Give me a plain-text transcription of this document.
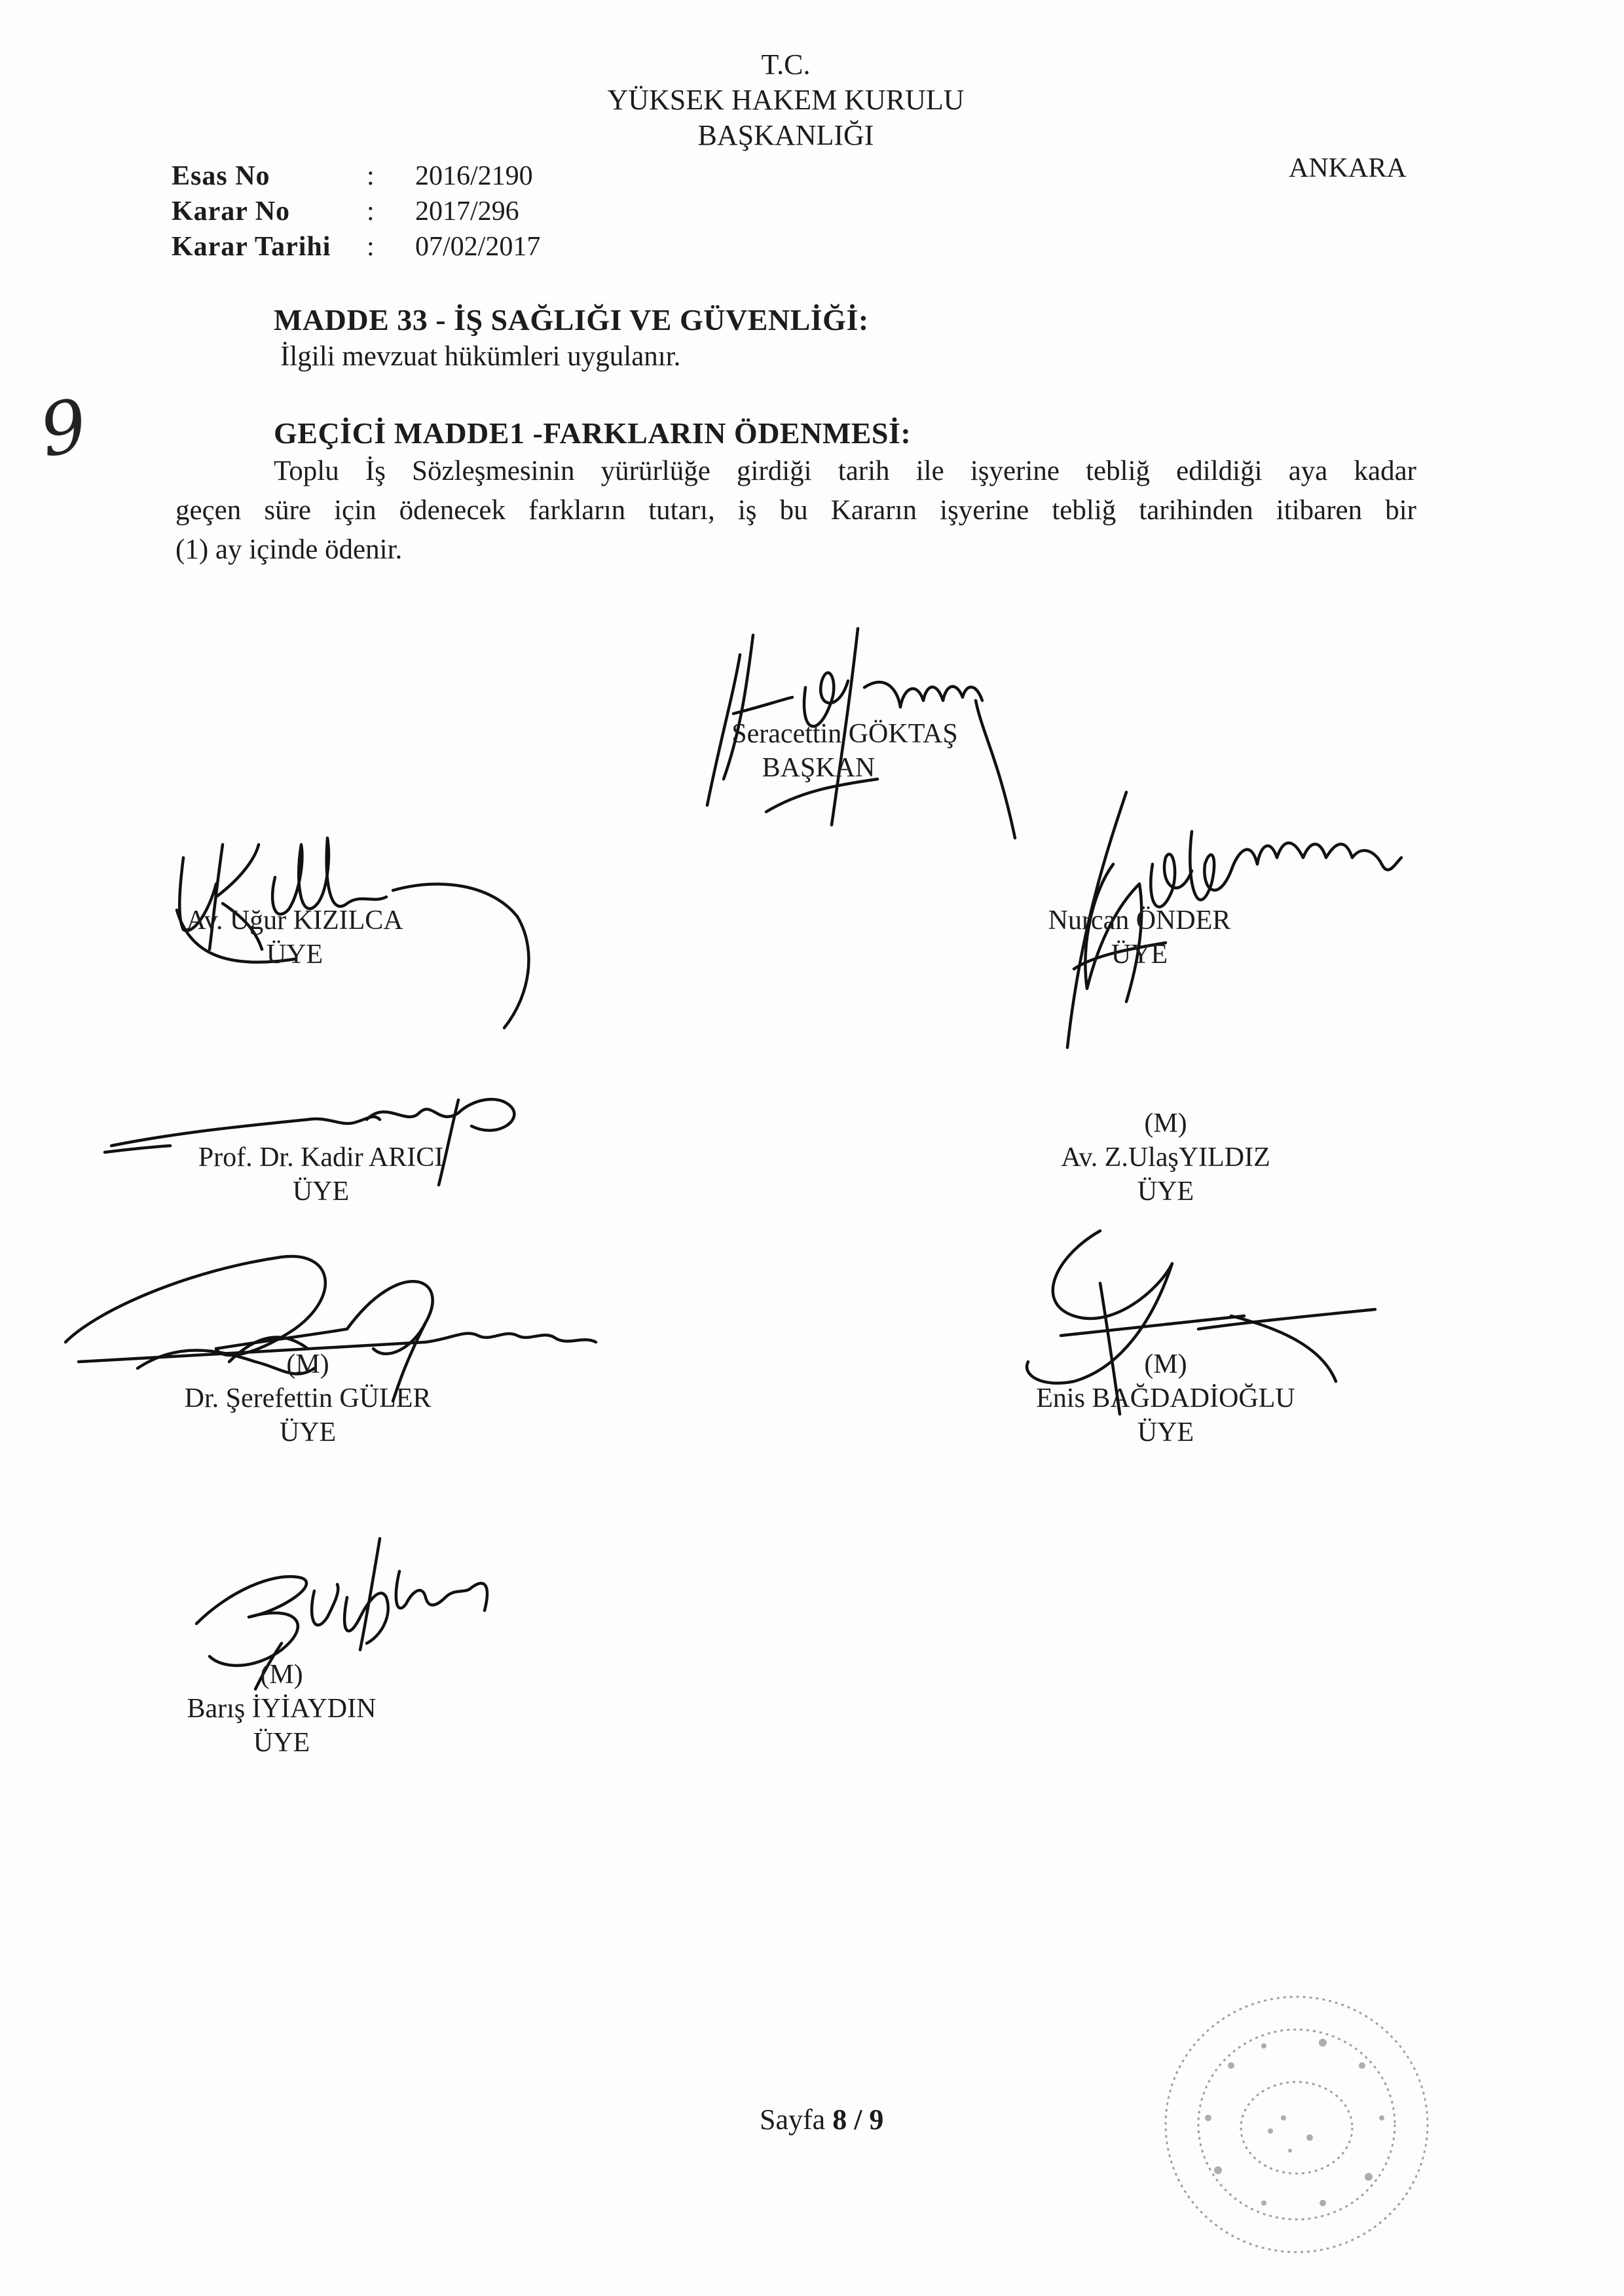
T.C.
YÜKSEK HAKEM KURULU
BAŞKANLIĞI
ANKARA
Esas No	: 2016/2190
Karar No	: 2017/296
Karar Tarihi : 07/02/2017
MADDE 33 - İŞ SAĞLIĞI VE GÜVENLİĞİ:
İlgili mevzuat hükümleri uygulanır.
9	GEÇİCİ MADDE1 -FARKLARIN ÖDENMESİ:
Toplu İş Sözleşmesinin yürürlüğe girdiği tarih ile işyerine tebliğ edildiği aya kadar
geçen süre için ödenecek farkların tutarı, iş bu Kararın işyerine tebliğ tarihinden itibaren bir
(1) ay içinde ödenir.
Seracettin GÖKTAŞ
BAŞKAN
Av. Uğur KIZILCA
ÜYE
Nurcan ÖNDER
ÜYE
Prof. Dr. Kadir ARICI
ÜYE
(M)
Av. Z.UlaşYILDIZ
ÜYE
(M)
Dr. Şerefettin GÜLER
ÜYE
(M)
Enis BAĞDADİOĞLU
ÜYE
(M)
Barış İYİAYDIN
ÜYE
Sayfa 8 / 9
